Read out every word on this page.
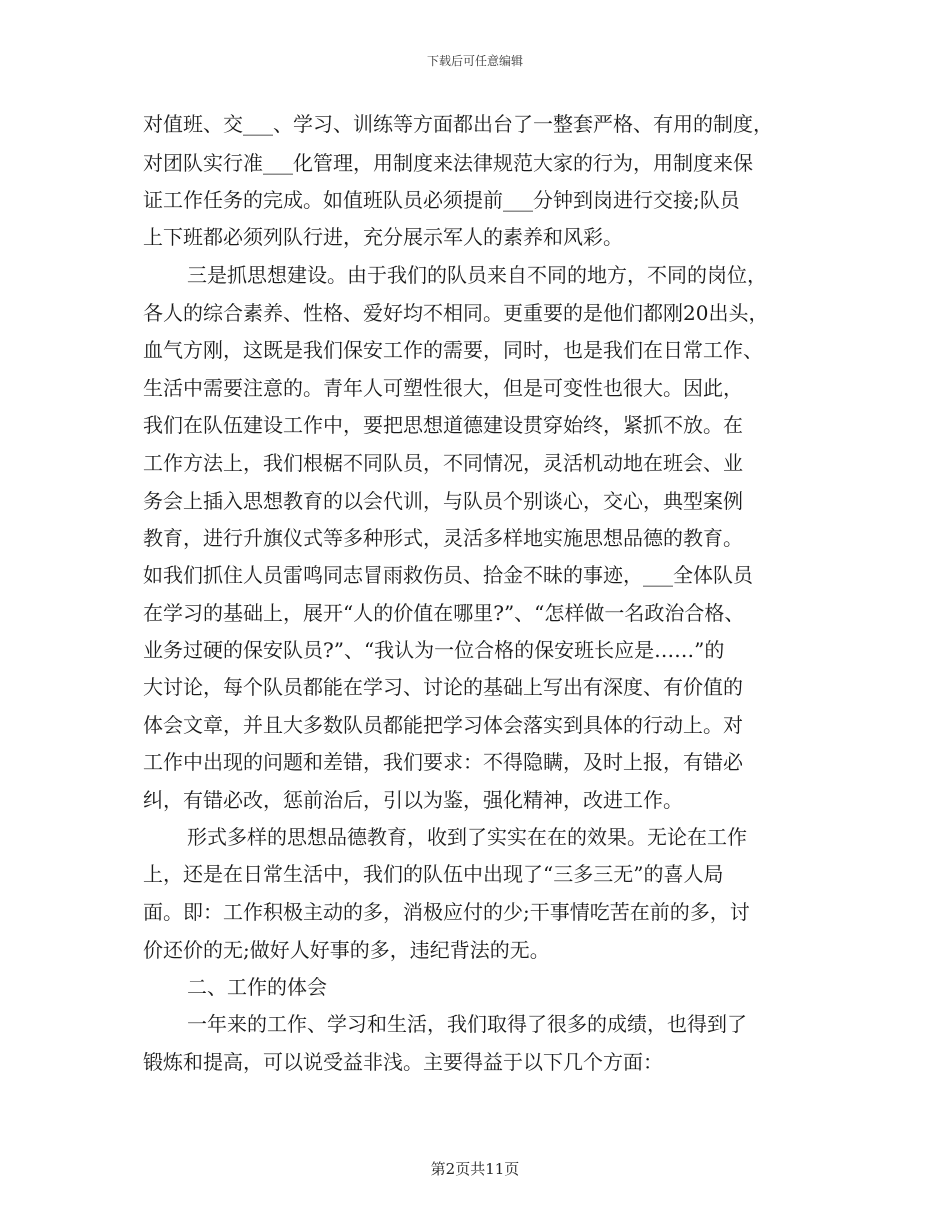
下载后可任意编辑
对值班、交___、学习、训练等方面都出台了一整套严格、有用的制度，
对团队实行准___化管理，用制度来法律规范大家的行为，用制度来保
证工作任务的完成。如值班队员必须提前___分钟到岗进行交接;队员
上下班都必须列队行进，充分展示军人的素养和风彩。
三是抓思想建设。由于我们的队员来自不同的地方，不同的岗位，
各人的综合素养、性格、爱好均不相同。更重要的是他们都刚20出头，
血气方刚，这既是我们保安工作的需要，同时，也是我们在日常工作、
生活中需要注意的。青年人可塑性很大，但是可变性也很大。因此，
我们在队伍建设工作中，要把思想道德建设贯穿始终，紧抓不放。在
工作方法上，我们根椐不同队员，不同情况，灵活机动地在班会、业
务会上插入思想教育的以会代训，与队员个别谈心，交心，典型案例
教育，进行升旗仪式等多种形式，灵活多样地实施思想品德的教育。
如我们抓住人员雷鸣同志冒雨救伤员、拾金不昧的事迹，___全体队员
在学习的基础上，展开“人的价值在哪里?”、“怎样做一名政治合格、
业务过硬的保安队员?”、“我认为一位合格的保安班长应是……”的
大讨论，每个队员都能在学习、讨论的基础上写出有深度、有价值的
体会文章，并且大多数队员都能把学习体会落实到具体的行动上。对
工作中出现的问题和差错，我们要求：不得隐瞒，及时上报，有错必
纠，有错必改，惩前治后，引以为鉴，强化精神，改进工作。
形式多样的思想品德教育，收到了实实在在的效果。无论在工作
上，还是在日常生活中，我们的队伍中出现了“三多三无”的喜人局
面。即：工作积极主动的多，消极应付的少;干事情吃苦在前的多，讨
价还价的无;做好人好事的多，违纪背法的无。
二、工作的体会
一年来的工作、学习和生活，我们取得了很多的成绩，也得到了
锻炼和提高，可以说受益非浅。主要得益于以下几个方面：
第2页共11页
